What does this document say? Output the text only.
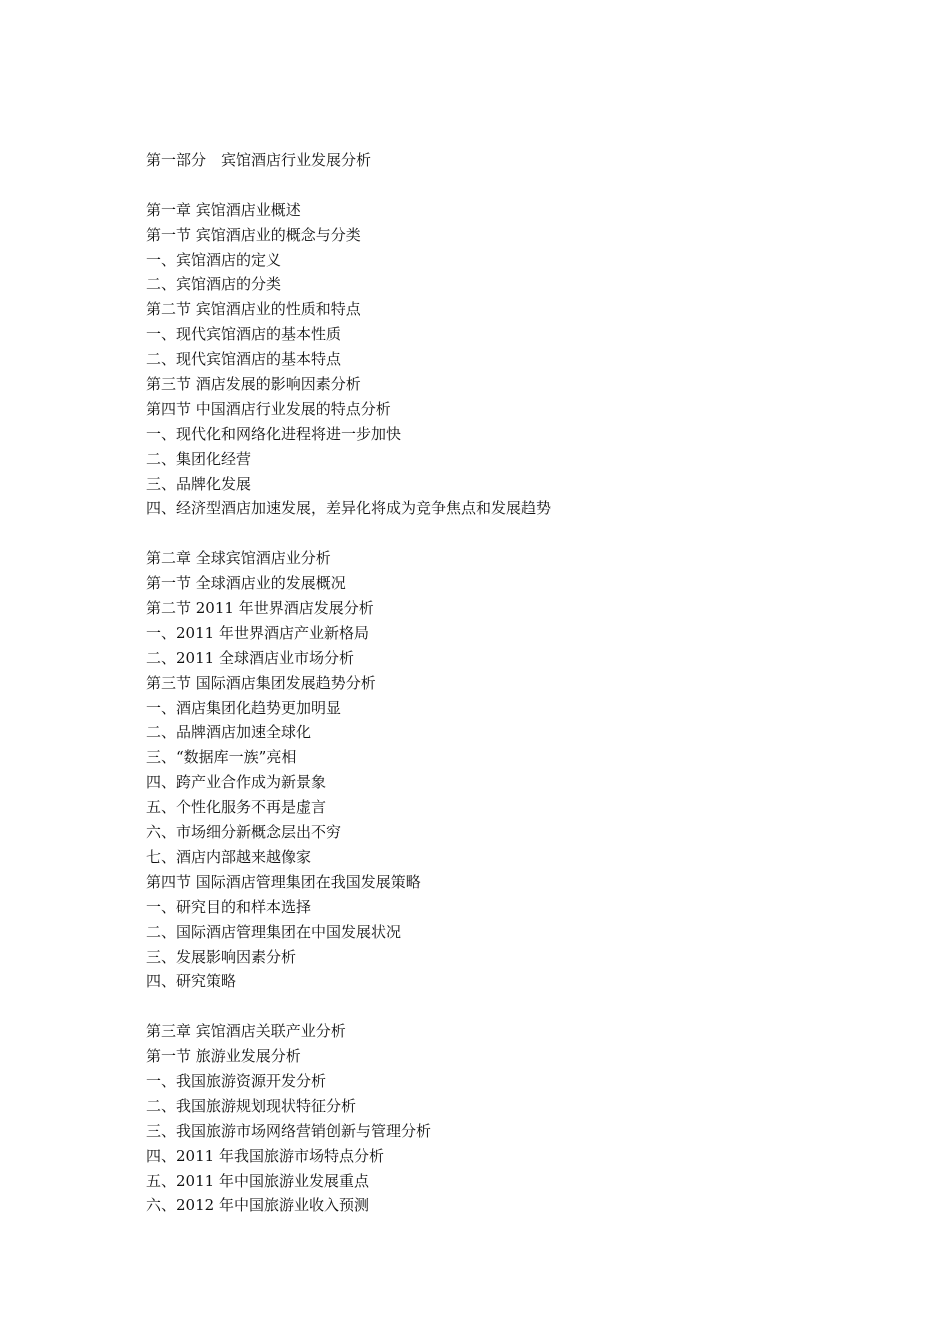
第一部分　宾馆酒店行业发展分析
第一章 宾馆酒店业概述
第一节 宾馆酒店业的概念与分类
一、宾馆酒店的定义
二、宾馆酒店的分类
第二节 宾馆酒店业的性质和特点
一、现代宾馆酒店的基本性质
二、现代宾馆酒店的基本特点
第三节 酒店发展的影响因素分析
第四节 中国酒店行业发展的特点分析
一、现代化和网络化进程将进一步加快
二、集团化经营
三、品牌化发展
四、经济型酒店加速发展，差异化将成为竞争焦点和发展趋势
第二章 全球宾馆酒店业分析
第一节 全球酒店业的发展概况
第二节 2011 年世界酒店发展分析
一、2011 年世界酒店产业新格局
二、2011 全球酒店业市场分析
第三节 国际酒店集团发展趋势分析
一、酒店集团化趋势更加明显
二、品牌酒店加速全球化
三、“数据库一族”亮相
四、跨产业合作成为新景象
五、个性化服务不再是虚言
六、市场细分新概念层出不穷
七、酒店内部越来越像家
第四节 国际酒店管理集团在我国发展策略
一、研究目的和样本选择
二、国际酒店管理集团在中国发展状况
三、发展影响因素分析
四、研究策略
第三章 宾馆酒店关联产业分析
第一节 旅游业发展分析
一、我国旅游资源开发分析
二、我国旅游规划现状特征分析
三、我国旅游市场网络营销创新与管理分析
四、2011 年我国旅游市场特点分析
五、2011 年中国旅游业发展重点
六、2012 年中国旅游业收入预测
